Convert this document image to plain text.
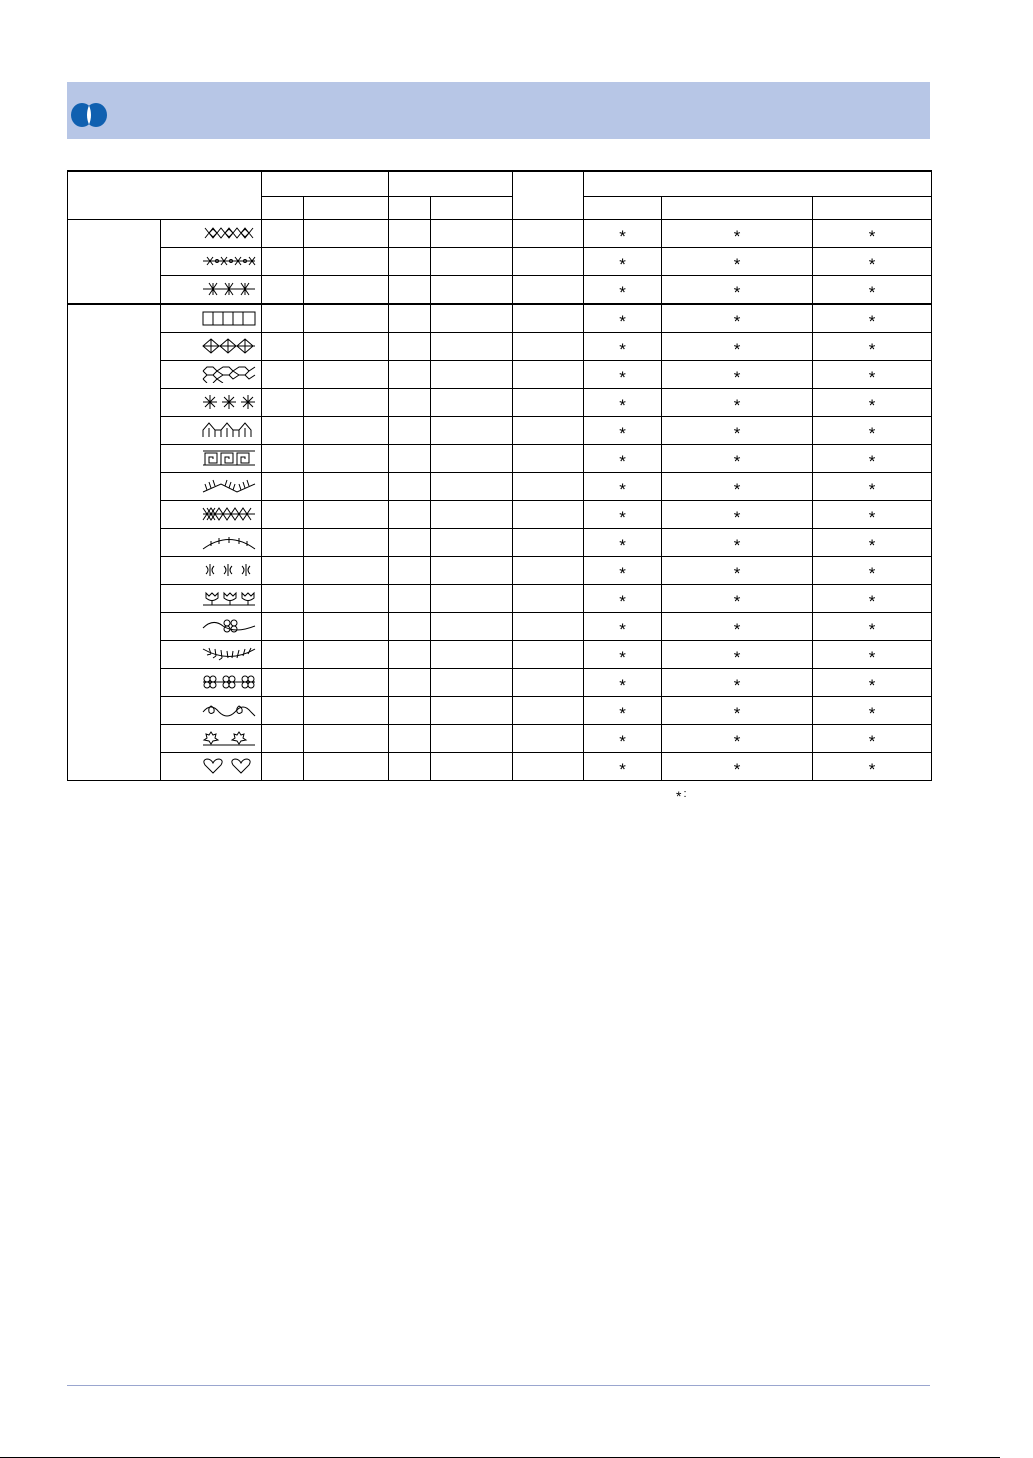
						*	*	*

						*	*	*

						*	*	*

						*	*	*

						*	*	*

						*	*	*

						*	*	*

						*	*	*

						*	*	*

						*	*	*

						*	*	*

						*	*	*

						*	*	*

						*	*	*

						*	*	*

						*	*	*

						*	*	*

						*	*	*

						*	*	*

						*	*	*
* :
